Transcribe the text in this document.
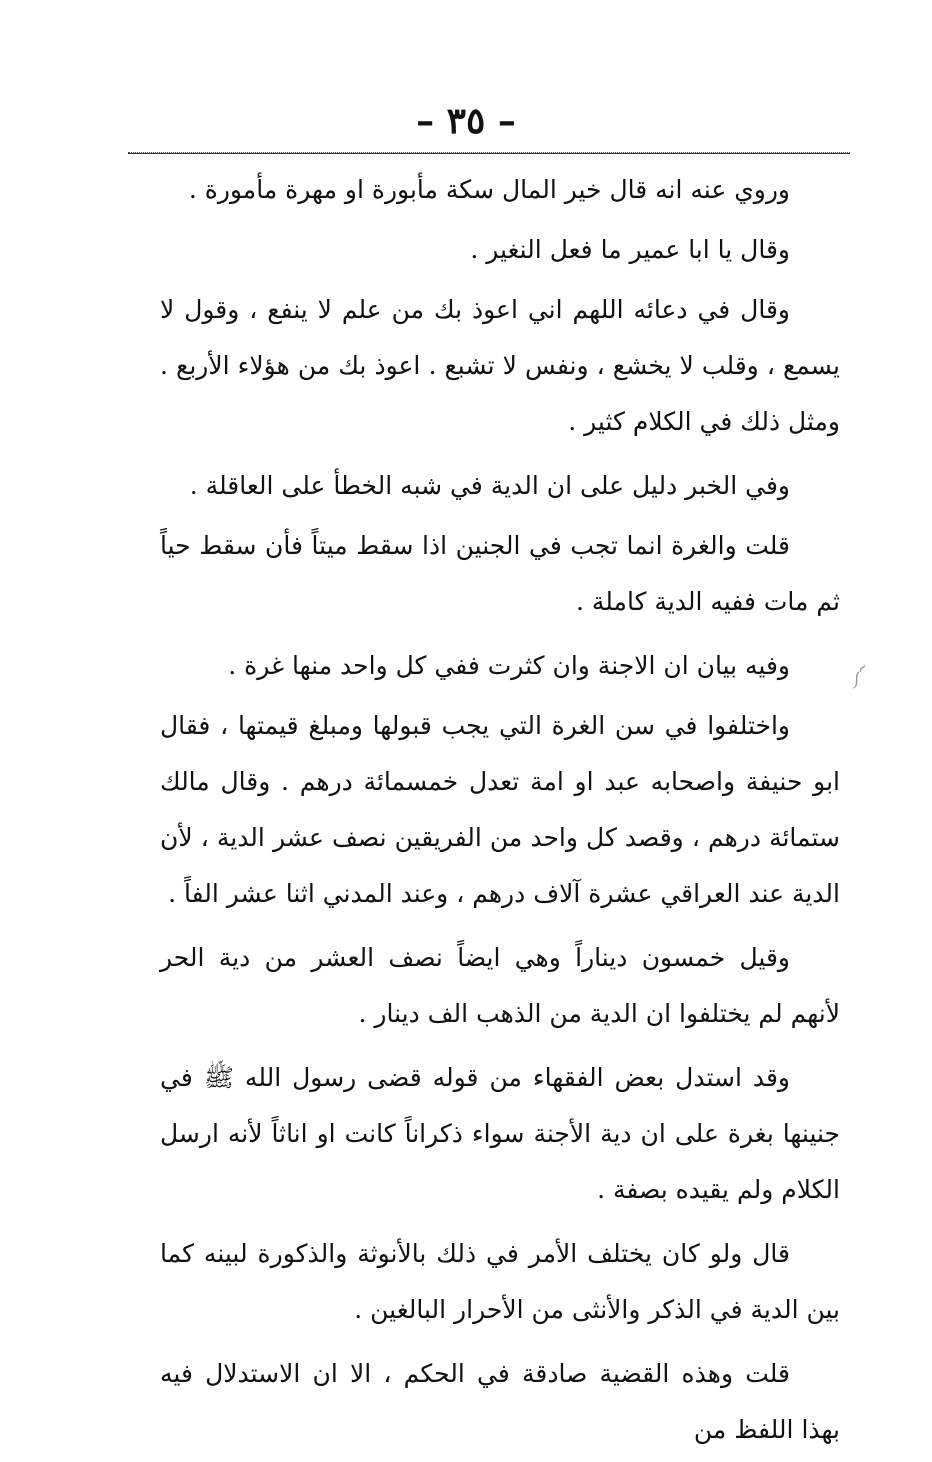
– ٣٥ –

وروي عنه انه قال خير المال سكة مأبورة او مهرة مأمورة .

وقال يا ابا عمير ما فعل النغير .

وقال في دعائه اللهم اني اعوذ بك من علم لا ينفع ، وقول لا يسمع ، وقلب لا يخشع ، ونفس لا تشبع . اعوذ بك من هؤلاء الأربع . ومثل ذلك في الكلام كثير .

وفي الخبر دليل على ان الدية في شبه الخطأ على العاقلة .

قلت والغرة انما تجب في الجنين اذا سقط ميتاً فأن سقط حياً ثم مات ففيه الدية كاملة .

وفيه بيان ان الاجنة وان كثرت ففي كل واحد منها غرة .

واختلفوا في سن الغرة التي يجب قبولها ومبلغ قيمتها ، فقال ابو حنيفة واصحابه عبد او امة تعدل خمسمائة درهم . وقال مالك ستمائة درهم ، وقصد كل واحد من الفريقين نصف عشر الدية ، لأن الدية عند العراقي عشرة آلاف درهم ، وعند المدني اثنا عشر الفاً .

وقيل خمسون ديناراً وهي ايضاً نصف العشر من دية الحر لأنهم لم يختلفوا ان الدية من الذهب الف دينار .

وقد استدل بعض الفقهاء من قوله قضى رسول الله ﷺ في جنينها بغرة على ان دية الأجنة سواء ذكراناً كانت او اناثاً لأنه ارسل الكلام ولم يقيده بصفة .

قال ولو كان يختلف الأمر في ذلك بالأنوثة والذكورة لبينه كما بين الدية في الذكر والأنثى من الأحرار البالغين .

قلت وهذه القضية صادقة في الحكم ، الا ان الاستدلال فيه بهذا اللفظ من

༼
